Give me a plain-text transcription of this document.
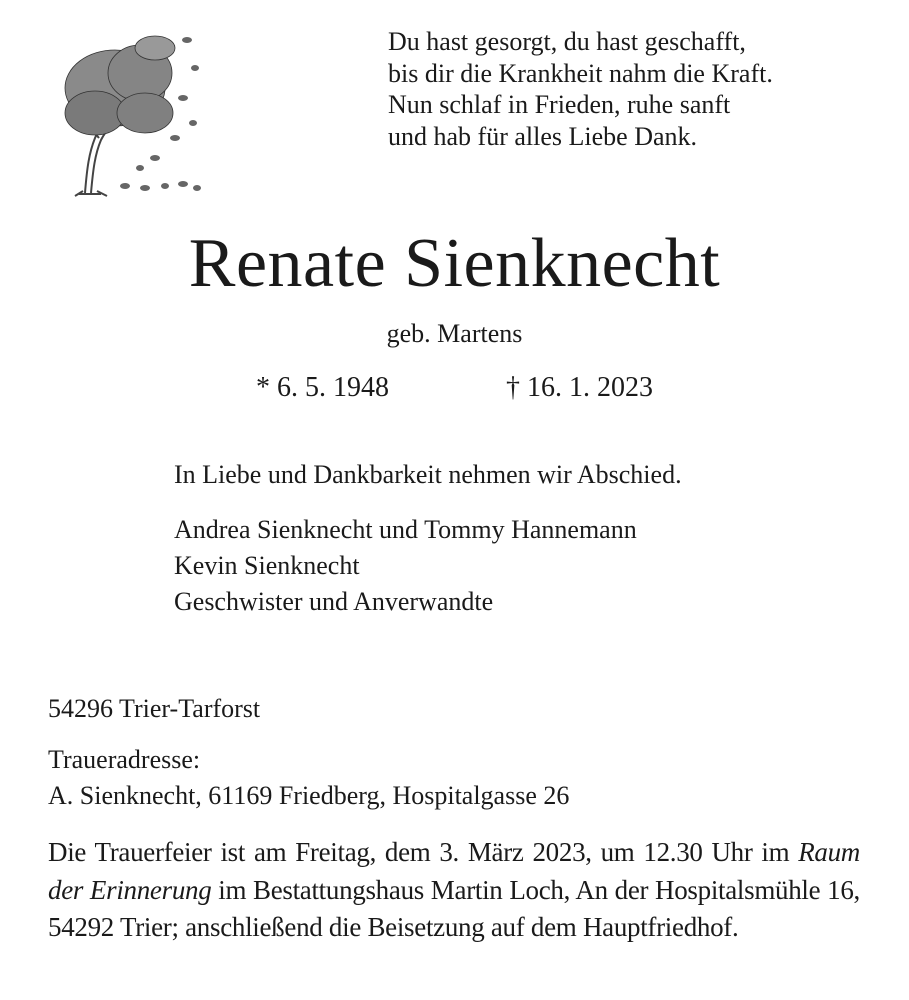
Du hast gesorgt, du hast geschafft,
bis dir die Krankheit nahm die Kraft.
Nun schlaf in Frieden, ruhe sanft
und hab für alles Liebe Dank.
Renate Sienknecht
geb. Martens
* 6. 5. 1948	† 16. 1. 2023
In Liebe und Dankbarkeit nehmen wir Abschied.
Andrea Sienknecht und Tommy Hannemann
Kevin Sienknecht
Geschwister und Anverwandte
54296 Trier-Tarforst
Traueradresse:
A. Sienknecht, 61169 Friedberg, Hospitalgasse 26
Die Trauerfeier ist am Freitag, dem 3. März 2023, um 12.30 Uhr im Raum der Erinnerung im Bestattungshaus Martin Loch, An der Hospitalsmühle 16, 54292 Trier; anschließend die Beisetzung auf dem Hauptfriedhof.
